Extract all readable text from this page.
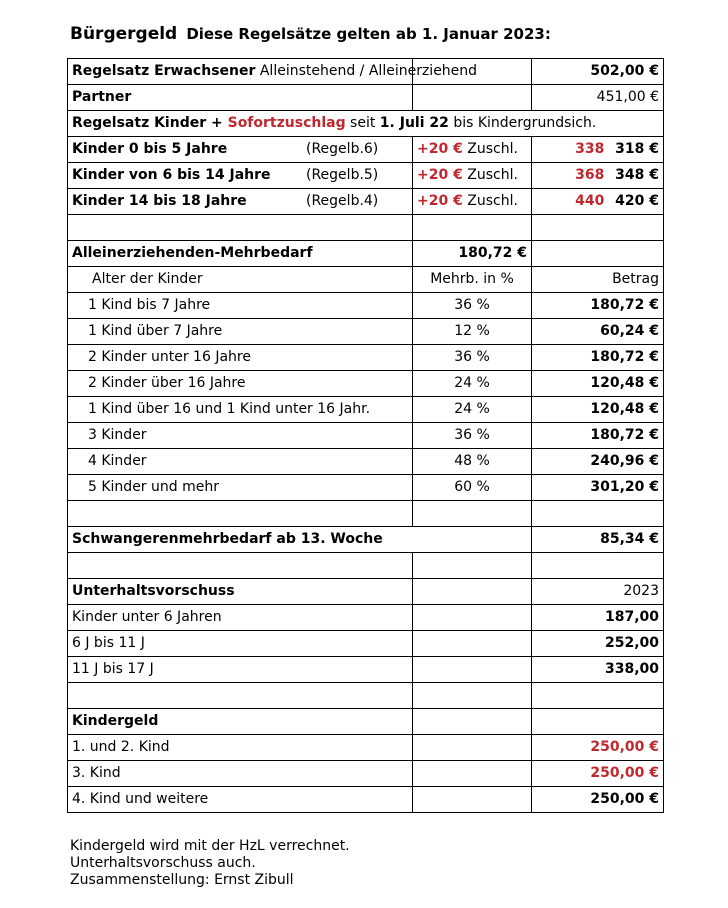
Bürgergeld Diese Regelsätze gelten ab 1. Januar 2023:
Regelsatz Erwachsener Alleinstehend / Alleinerziehend		502,00 €
Partner		451,00 €
Regelsatz Kinder + Sofortzuschlag seit 1. Juli 22 bis Kindergrundsich.		
Kinder 0 bis 5 Jahre (Regelb.6)	+20 € Zuschl.	338 318 €
Kinder von 6 bis 14 Jahre (Regelb.5)	+20 € Zuschl.	368 348 €
Kinder 14 bis 18 Jahre (Regelb.4)	+20 € Zuschl.	440 420 €

Alleinerziehenden-Mehrbedarf	180,72 €	
Alter der Kinder	Mehrb. in %	Betrag
1 Kind bis 7 Jahre	36 %	180,72 €
1 Kind über 7 Jahre	12 %	60,24 €
2 Kinder unter 16 Jahre	36 %	180,72 €
2 Kinder über 16 Jahre	24 %	120,48 €
1 Kind über 16 und 1 Kind unter 16 Jahr.	24 %	120,48 €
3 Kinder	36 %	180,72 €
4 Kinder	48 %	240,96 €
5 Kinder und mehr	60 %	301,20 €

Schwangerenmehrbedarf ab 13. Woche		85,34 €

Unterhaltsvorschuss		2023
Kinder unter 6 Jahren		187,00
6 J bis 11 J		252,00
11 J bis 17 J		338,00

Kindergeld		
1. und 2. Kind		250,00 €
3. Kind		250,00 €
4. Kind und weitere		250,00 €
Kindergeld wird mit der HzL verrechnet.
Unterhaltsvorschuss auch.
Zusammenstellung: Ernst Zibull
